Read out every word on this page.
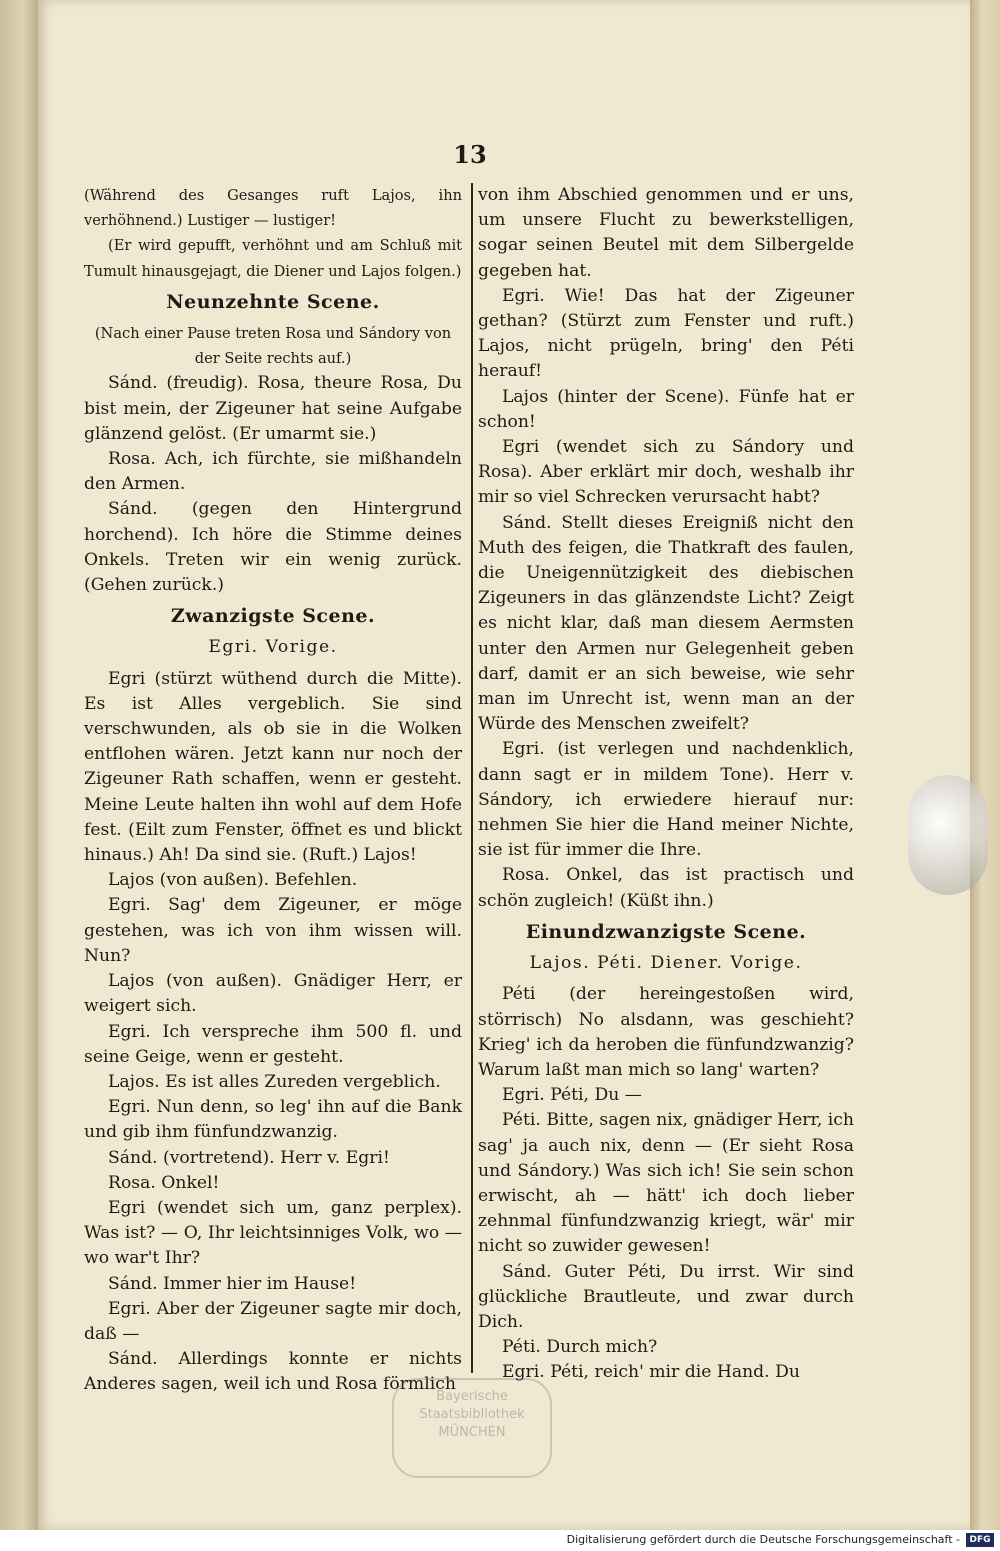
13

(Während des Gesanges ruft Lajos, ihn verhöhnend.) Lustiger — lustiger!

(Er wird gepufft, verhöhnt und am Schluß mit Tumult hinausgejagt, die Diener und Lajos folgen.)

Neunzehnte Scene.

(Nach einer Pause treten Rosa und Sándory von der Seite rechts auf.)

Sánd. (freudig). Rosa, theure Rosa, Du bist mein, der Zigeuner hat seine Aufgabe glänzend gelöst. (Er umarmt sie.)

Rosa. Ach, ich fürchte, sie mißhandeln den Armen.

Sánd. (gegen den Hintergrund horchend). Ich höre die Stimme deines Onkels. Treten wir ein wenig zurück. (Gehen zurück.)

Zwanzigste Scene.

Egri. Vorige.

Egri (stürzt wüthend durch die Mitte). Es ist Alles vergeblich. Sie sind verschwunden, als ob sie in die Wolken entflohen wären. Jetzt kann nur noch der Zigeuner Rath schaffen, wenn er gesteht. Meine Leute halten ihn wohl auf dem Hofe fest. (Eilt zum Fenster, öffnet es und blickt hinaus.) Ah! Da sind sie. (Ruft.) Lajos!

Lajos (von außen). Befehlen.

Egri. Sag' dem Zigeuner, er möge gestehen, was ich von ihm wissen will. Nun?

Lajos (von außen). Gnädiger Herr, er weigert sich.

Egri. Ich verspreche ihm 500 fl. und seine Geige, wenn er gesteht.

Lajos. Es ist alles Zureden vergeblich.

Egri. Nun denn, so leg' ihn auf die Bank und gib ihm fünfundzwanzig.

Sánd. (vortretend). Herr v. Egri!

Rosa. Onkel!

Egri (wendet sich um, ganz perplex). Was ist? — O, Ihr leichtsinniges Volk, wo — wo war't Ihr?

Sánd. Immer hier im Hause!

Egri. Aber der Zigeuner sagte mir doch, daß —

Sánd. Allerdings konnte er nichts Anderes sagen, weil ich und Rosa förmlich

von ihm Abschied genommen und er uns, um unsere Flucht zu bewerkstelligen, sogar seinen Beutel mit dem Silbergelde gegeben hat.

Egri. Wie! Das hat der Zigeuner gethan? (Stürzt zum Fenster und ruft.) Lajos, nicht prügeln, bring' den Péti herauf!

Lajos (hinter der Scene). Fünfe hat er schon!

Egri (wendet sich zu Sándory und Rosa). Aber erklärt mir doch, weshalb ihr mir so viel Schrecken verursacht habt?

Sánd. Stellt dieses Ereigniß nicht den Muth des feigen, die Thatkraft des faulen, die Uneigennützigkeit des diebischen Zigeuners in das glänzendste Licht? Zeigt es nicht klar, daß man diesem Aermsten unter den Armen nur Gelegenheit geben darf, damit er an sich beweise, wie sehr man im Unrecht ist, wenn man an der Würde des Menschen zweifelt?

Egri. (ist verlegen und nachdenklich, dann sagt er in mildem Tone). Herr v. Sándory, ich erwiedere hierauf nur: nehmen Sie hier die Hand meiner Nichte, sie ist für immer die Ihre.

Rosa. Onkel, das ist practisch und schön zugleich! (Küßt ihn.)

Einundzwanzigste Scene.

Lajos. Péti. Diener. Vorige.

Péti (der hereingestoßen wird, störrisch) No alsdann, was geschieht? Krieg' ich da heroben die fünfundzwanzig? Warum laßt man mich so lang' warten?

Egri. Péti, Du —

Péti. Bitte, sagen nix, gnädiger Herr, ich sag' ja auch nix, denn — (Er sieht Rosa und Sándory.) Was sich ich! Sie sein schon erwischt, ah — hätt' ich doch lieber zehnmal fünfundzwanzig kriegt, wär' mir nicht so zuwider gewesen!

Sánd. Guter Péti, Du irrst. Wir sind glückliche Brautleute, und zwar durch Dich.

Péti. Durch mich?

Egri. Péti, reich' mir die Hand. Du

Bayerische
Staatsbibliothek
MÜNCHEN
Digitalisierung gefördert durch die Deutsche Forschungsgemeinschaft -	DFG
